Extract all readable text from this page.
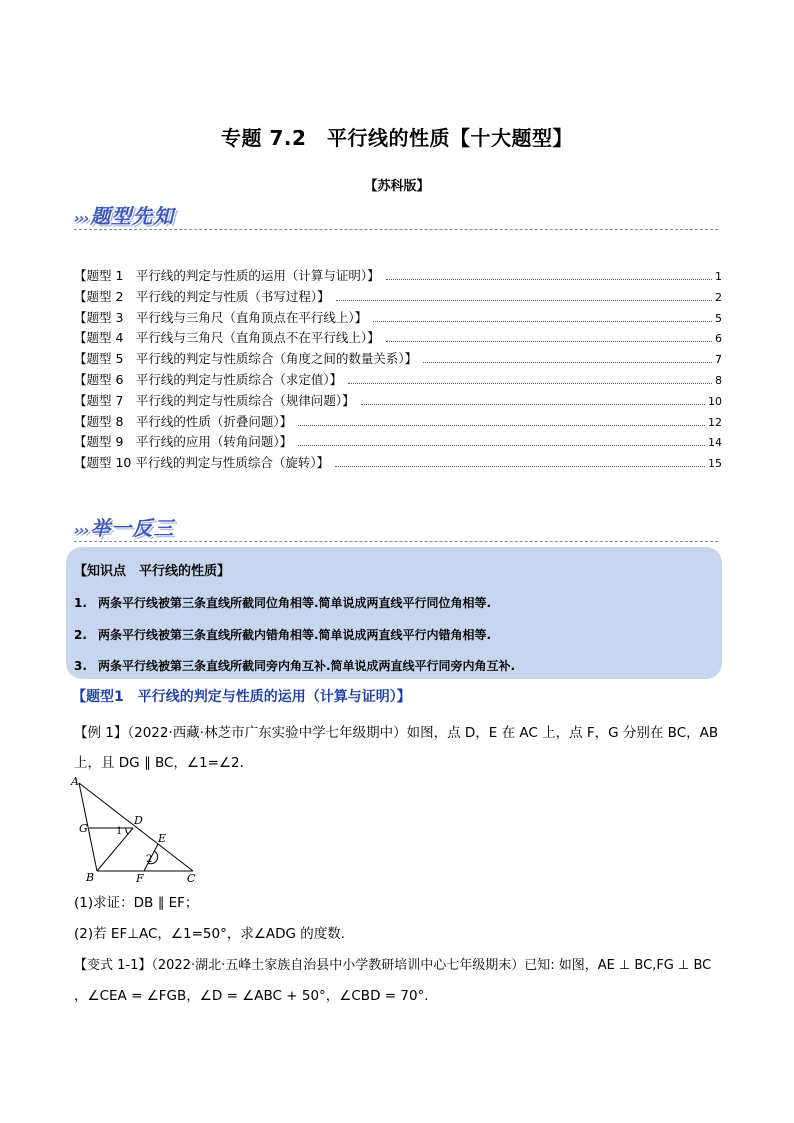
专题 7.2　平行线的性质【十大题型】
【苏科版】
››› 题型先知
【题型 1　平行线的判定与性质的运用（计算与证明）】	1
【题型 2　平行线的判定与性质（书写过程）】	2
【题型 3　平行线与三角尺（直角顶点在平行线上）】	5
【题型 4　平行线与三角尺（直角顶点不在平行线上）】	6
【题型 5　平行线的判定与性质综合（角度之间的数量关系）】	7
【题型 6　平行线的判定与性质综合（求定值）】	8
【题型 7　平行线的判定与性质综合（规律问题）】	10
【题型 8　平行线的性质（折叠问题）】	12
【题型 9　平行线的应用（转角问题）】	14
【题型 10 平行线的判定与性质综合（旋转）】	15
››› 举一反三
【知识点　平行线的性质】
1. 两条平行线被第三条直线所截同位角相等.简单说成两直线平行同位角相等.
2. 两条平行线被第三条直线所截内错角相等.简单说成两直线平行内错角相等.
3. 两条平行线被第三条直线所截同旁内角互补.简单说成两直线平行同旁内角互补.
【题型1　平行线的判定与性质的运用（计算与证明）】
【例 1】（2022·西藏·林芝市广东实验中学七年级期中）如图，点 D，E 在 AC 上，点 F，G 分别在 BC，AB
上，且 DG ∥ BC，∠1=∠2．
A
B	C
D
E
F
G	1
2
(1)求证：DB ∥ EF；
(2)若 EF⊥AC，∠1=50°，求∠ADG 的度数．
【变式 1-1】（2022·湖北·五峰土家族自治县中小学教研培训中心七年级期末）已知: 如图，AE ⊥ BC,FG ⊥ BC
，∠CEA = ∠FGB，∠D = ∠ABC + 50°，∠CBD = 70°．
